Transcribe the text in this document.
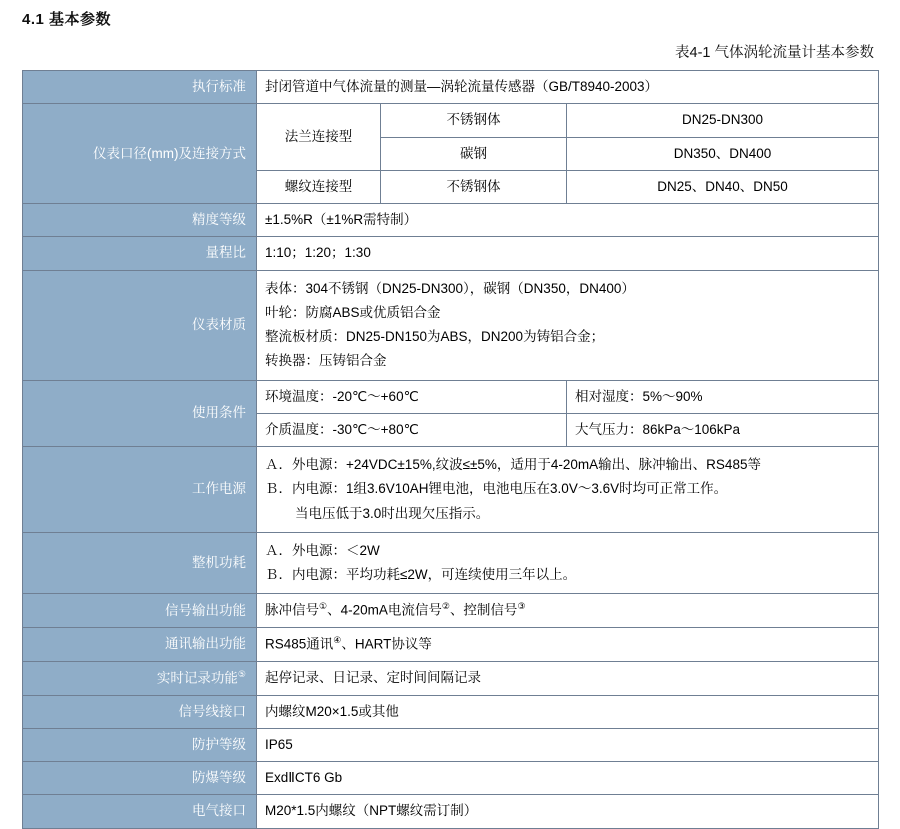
4.1 基本参数
表4-1 气体涡轮流量计基本参数
执行标准	封闭管道中气体流量的测量—涡轮流量传感器（GB/T8940-2003）		
仪表口径(mm)及连接方式	法兰连接型	不锈钢体	DN25-DN300
		碳钢	DN350、DN400
	螺纹连接型	不锈钢体	DN25、DN40、DN50
精度等级	±1.5%R（±1%R需特制）		
量程比	1:10；1:20；1:30		
仪表材质	表体：304不锈钢（DN25-DN300），碳钢（DN350，DN400）
叶轮：防腐ABS或优质铝合金
整流板材质：DN25-DN150为ABS，DN200为铸铝合金；
转换器：压铸铝合金		

使用条件	环境温度：-20℃～+60℃		相对湿度：5%～90%
	介质温度：-30℃～+80℃		大气压力：86kPa～106kPa
工作电源	Ａ．外电源：+24VDC±15%,纹波≤±5%，适用于4-20mA输出、脉冲输出、RS485等
Ｂ．内电源：1组3.6V10AH锂电池，电池电压在3.0V～3.6V时均可正常工作。
当电压低于3.0时出现欠压指示。		

整机功耗	Ａ．外电源：＜2W
Ｂ．内电源：平均功耗≤2W，可连续使用三年以上。		

信号输出功能	脉冲信号①、4-20mA电流信号②、控制信号③
通讯输出功能	RS485通讯④、HART协议等		
实时记录功能⑤	起停记录、日记录、定时间间隔记录		
信号线接口	内螺纹M20×1.5或其他		
防护等级	IP65		
防爆等级	ExdⅡCT6 Gb		
电气接口	M20*1.5内螺纹（NPT螺纹需订制）		
